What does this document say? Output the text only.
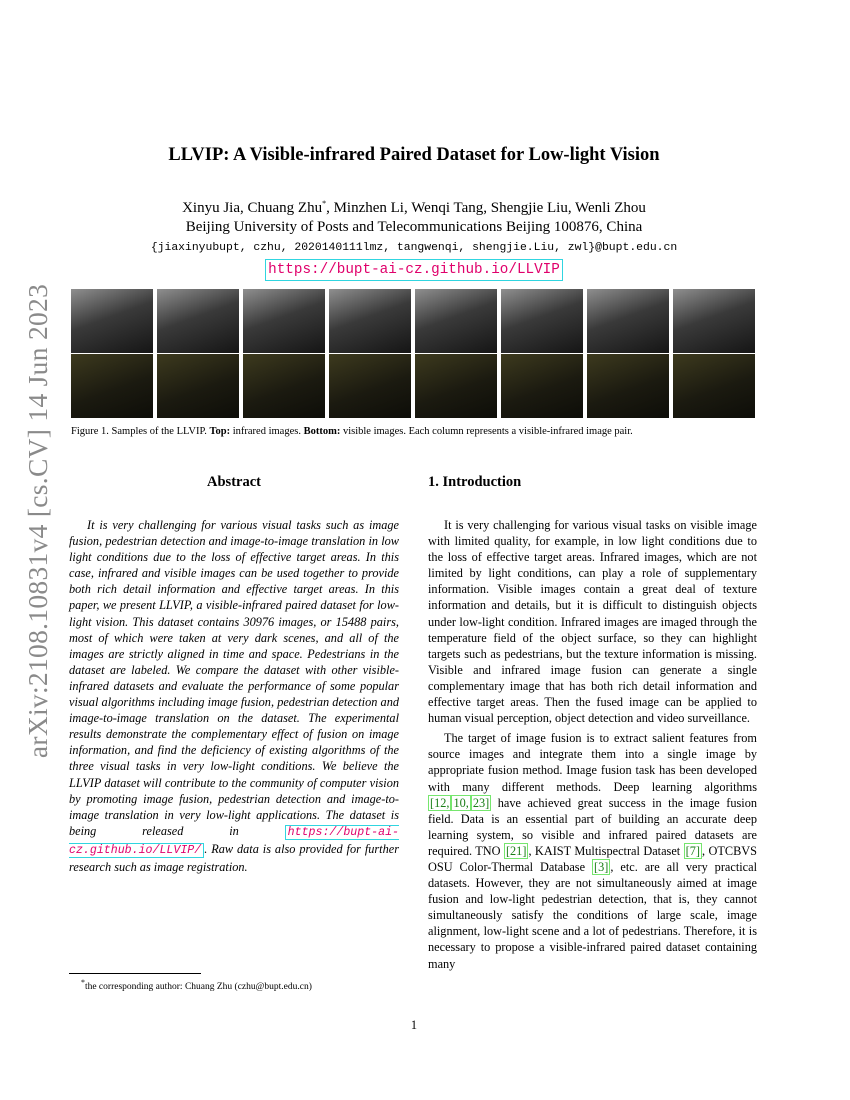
arXiv:2108.10831v4 [cs.CV] 14 Jun 2023
LLVIP: A Visible-infrared Paired Dataset for Low-light Vision
Xinyu Jia, Chuang Zhu*, Minzhen Li, Wenqi Tang, Shengjie Liu, Wenli Zhou
Beijing University of Posts and Telecommunications Beijing 100876, China
{jiaxinyubupt, czhu, 2020140111lmz, tangwenqi, shengjie.Liu, zwl}@bupt.edu.cn
https://bupt-ai-cz.github.io/LLVIP
Figure 1. Samples of the LLVIP. Top: infrared images. Bottom: visible images. Each column represents a visible-infrared image pair.
Abstract

It is very challenging for various visual tasks such as image fusion, pedestrian detection and image-to-image translation in low light conditions due to the loss of effective target areas. In this case, infrared and visible images can be used together to provide both rich detail information and effective target areas. In this paper, we present LLVIP, a visible-infrared paired dataset for low-light vision. This dataset contains 30976 images, or 15488 pairs, most of which were taken at very dark scenes, and all of the images are strictly aligned in time and space. Pedestrians in the dataset are labeled. We compare the dataset with other visible-infrared datasets and evaluate the performance of some popular visual algorithms including image fusion, pedestrian detection and image-to-image translation on the dataset. The experimental results demonstrate the complementary effect of fusion on image information, and find the deficiency of existing algorithms of the three visual tasks in very low-light conditions. We believe the LLVIP dataset will contribute to the community of computer vision by promoting image fusion, pedestrian detection and image-to-image translation in very low-light applications. The dataset is being released in https://bupt-ai-cz.github.io/LLVIP/ . Raw data is also provided for further research such as image registration.

1. Introduction

It is very challenging for various visual tasks on visible image with limited quality, for example, in low light conditions due to the loss of effective target areas. Infrared images, which are not limited by light conditions, can play a role of supplementary information. Visible images contain a great deal of texture information and details, but it is difficult to distinguish objects under low-light condition. Infrared images are imaged through the temperature field of the object surface, so they can highlight targets such as pedestrians, but the texture information is missing. Visible and infrared image fusion can generate a single complementary image that has both rich detail information and effective target areas. Then the fused image can be applied to human visual perception, object detection and video surveillance.

The target of image fusion is to extract salient features from source images and integrate them into a single image by appropriate fusion method. Image fusion task has been developed with many different methods. Deep learning algorithms [12, 10, 23] have achieved great success in the image fusion field. Data is an essential part of building an accurate deep learning system, so visible and infrared paired datasets are required. TNO [21] , KAIST Multispectral Dataset [7] , OTCBVS OSU Color-Thermal Database [3] , etc. are all very practical datasets. However, they are not simultaneously aimed at image fusion and low-light pedestrian detection, that is, they cannot simultaneously satisfy the conditions of large scale, image alignment, low-light scene and a lot of pedestrians. Therefore, it is necessary to propose a visible-infrared paired dataset containing many

*the corresponding author: Chuang Zhu (czhu@bupt.edu.cn)
1
